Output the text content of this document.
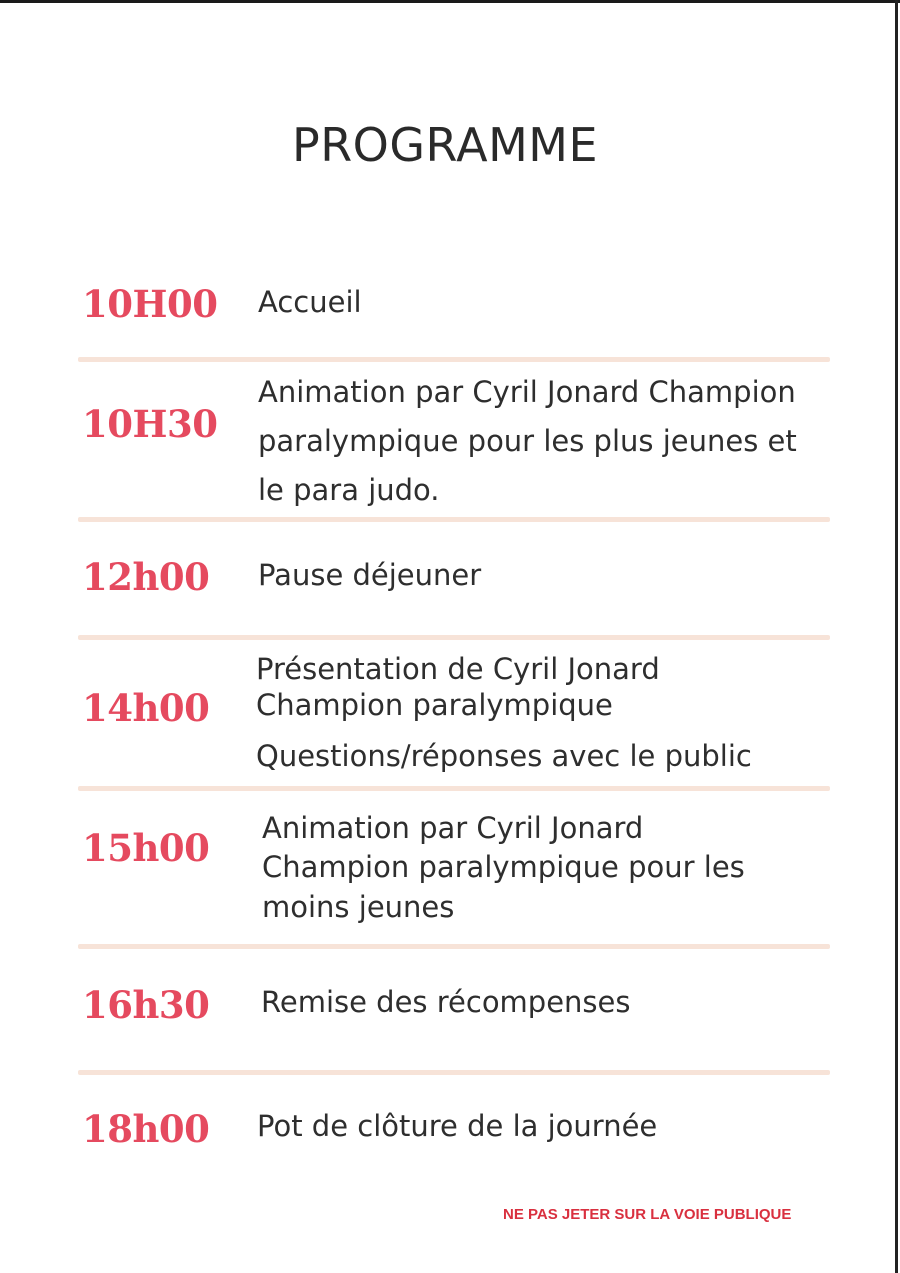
PROGRAMME
10H00 Accueil
10H30
Animation par Cyril Jonard Champion
paralympique pour les plus jeunes et
le para judo.
12h00 Pause déjeuner
14h00
Présentation de Cyril Jonard
Champion paralympique
Questions/réponses avec le public
15h00 Animation par Cyril Jonard
Champion paralympique pour les
moins jeunes
16h30 Remise des récompenses
18h00 Pot de clôture de la journée
NE PAS JETER SUR LA VOIE PUBLIQUE
